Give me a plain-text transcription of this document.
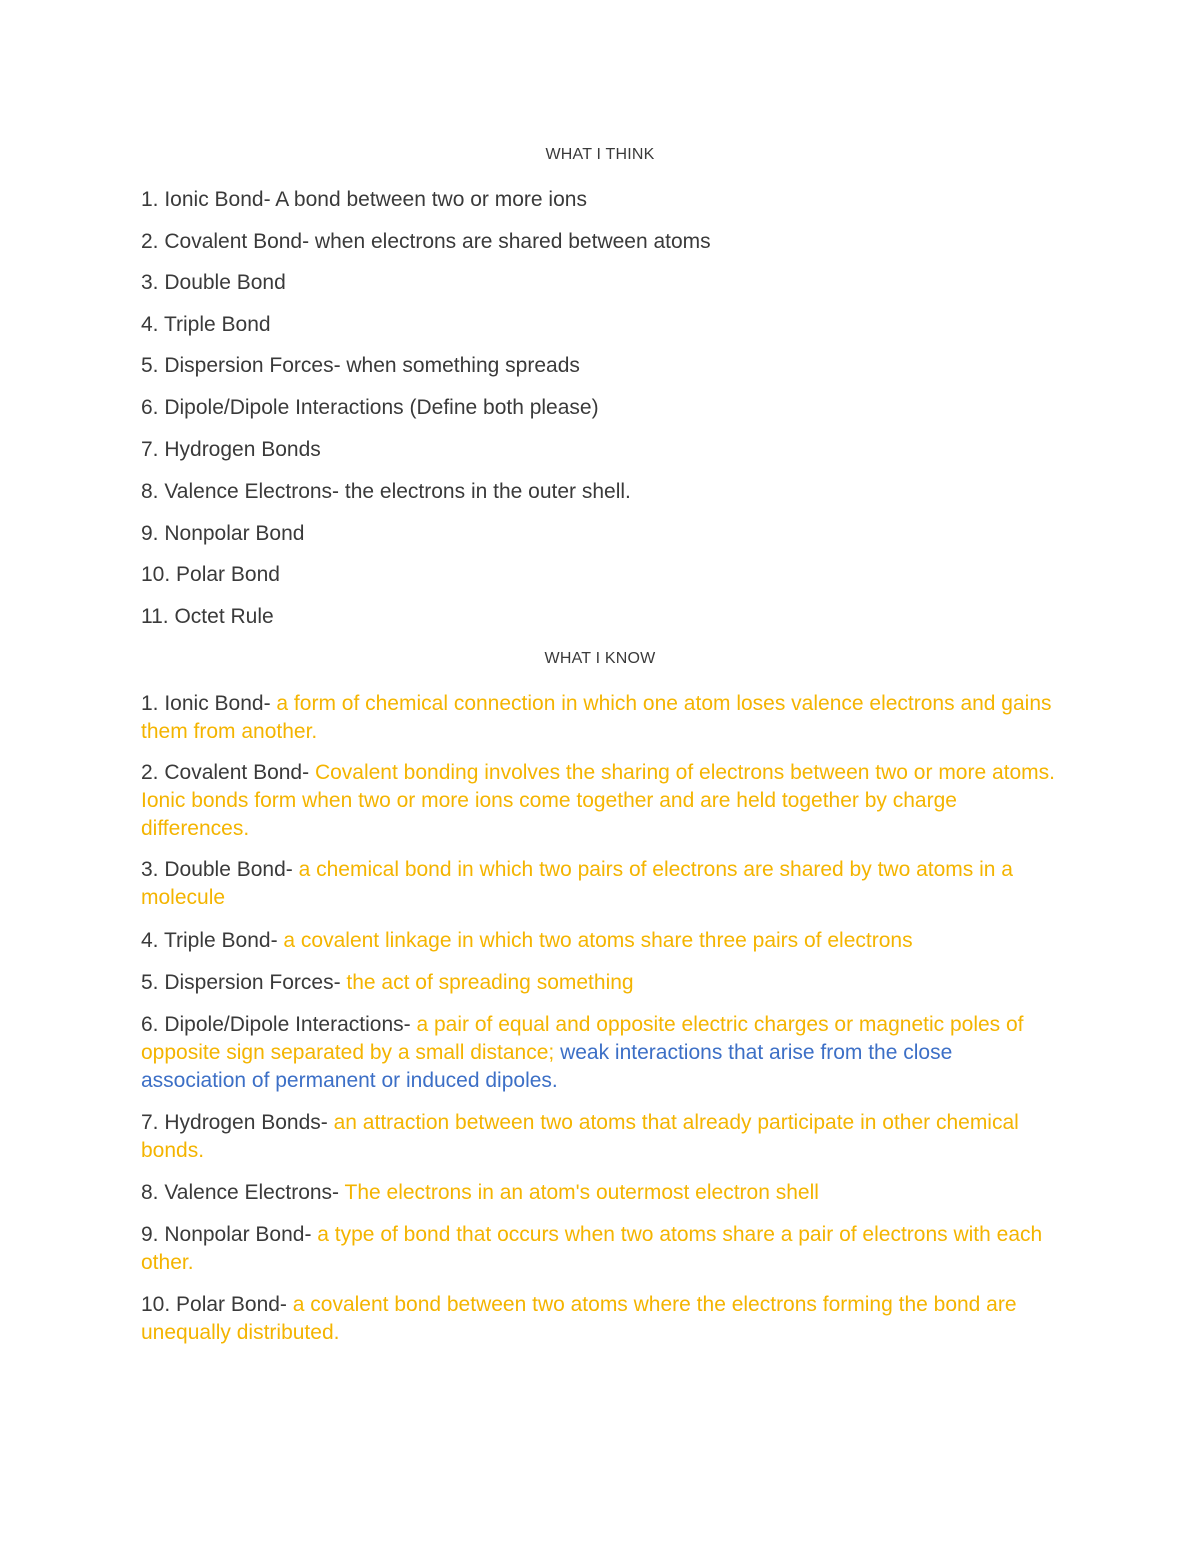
WHAT I THINK
1. Ionic Bond- A bond between two or more ions
2. Covalent Bond- when electrons are shared between atoms
3. Double Bond
4. Triple Bond
5. Dispersion Forces- when something spreads
6. Dipole/Dipole Interactions (Define both please)
7. Hydrogen Bonds
8. Valence Electrons- the electrons in the outer shell.
9. Nonpolar Bond
10. Polar Bond
11. Octet Rule
WHAT I KNOW
1. Ionic Bond- a form of chemical connection in which one atom loses valence electrons and gains them from another.
2. Covalent Bond- Covalent bonding involves the sharing of electrons between two or more atoms. Ionic bonds form when two or more ions come together and are held together by charge differences.
3. Double Bond- a chemical bond in which two pairs of electrons are shared by two atoms in a molecule
4. Triple Bond- a covalent linkage in which two atoms share three pairs of electrons
5. Dispersion Forces- the act of spreading something
6. Dipole/Dipole Interactions- a pair of equal and opposite electric charges or magnetic poles of opposite sign separated by a small distance; weak interactions that arise from the close association of permanent or induced dipoles.
7. Hydrogen Bonds- an attraction between two atoms that already participate in other chemical bonds.
8. Valence Electrons- The electrons in an atom's outermost electron shell
9. Nonpolar Bond- a type of bond that occurs when two atoms share a pair of electrons with each other.
10. Polar Bond- a covalent bond between two atoms where the electrons forming the bond are unequally distributed.
